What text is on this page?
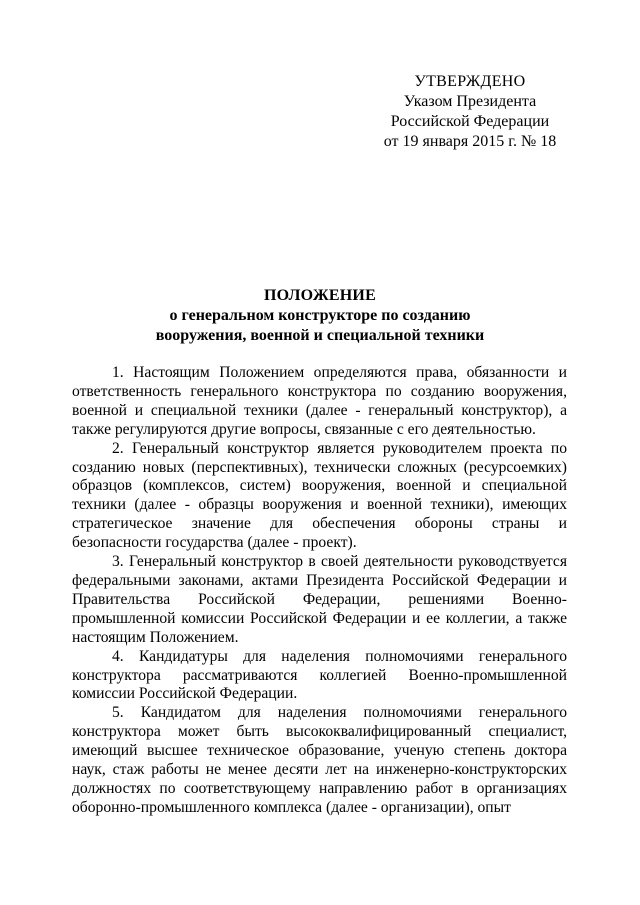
УТВЕРЖДЕНО
Указом Президента
Российской Федерации
от 19 января 2015 г. № 18
ПОЛОЖЕНИЕ
о генеральном конструкторе по созданию
вооружения, военной и специальной техники

1. Настоящим Положением определяются права, обязанности и ответственность генерального конструктора по созданию вооружения, военной и специальной техники (далее - генеральный конструктор), а также регулируются другие вопросы, связанные с его деятельностью.

2. Генеральный конструктор является руководителем проекта по созданию новых (перспективных), технически сложных (ресурсоемких) образцов (комплексов, систем) вооружения, военной и специальной техники (далее - образцы вооружения и военной техники), имеющих стратегическое значение для обеспечения обороны страны и безопасности государства (далее - проект).

3. Генеральный конструктор в своей деятельности руководствуется федеральными законами, актами Президента Российской Федерации и Правительства Российской Федерации, решениями Военно-промышленной комиссии Российской Федерации и ее коллегии, а также настоящим Положением.

4. Кандидатуры для наделения полномочиями генерального конструктора рассматриваются коллегией Военно-промышленной комиссии Российской Федерации.

5. Кандидатом для наделения полномочиями генерального конструктора может быть высококвалифицированный специалист, имеющий высшее техническое образование, ученую степень доктора наук, стаж работы не менее десяти лет на инженерно-конструкторских должностях по соответствующему направлению работ в организациях оборонно-промышленного комплекса (далее - организации), опыт
